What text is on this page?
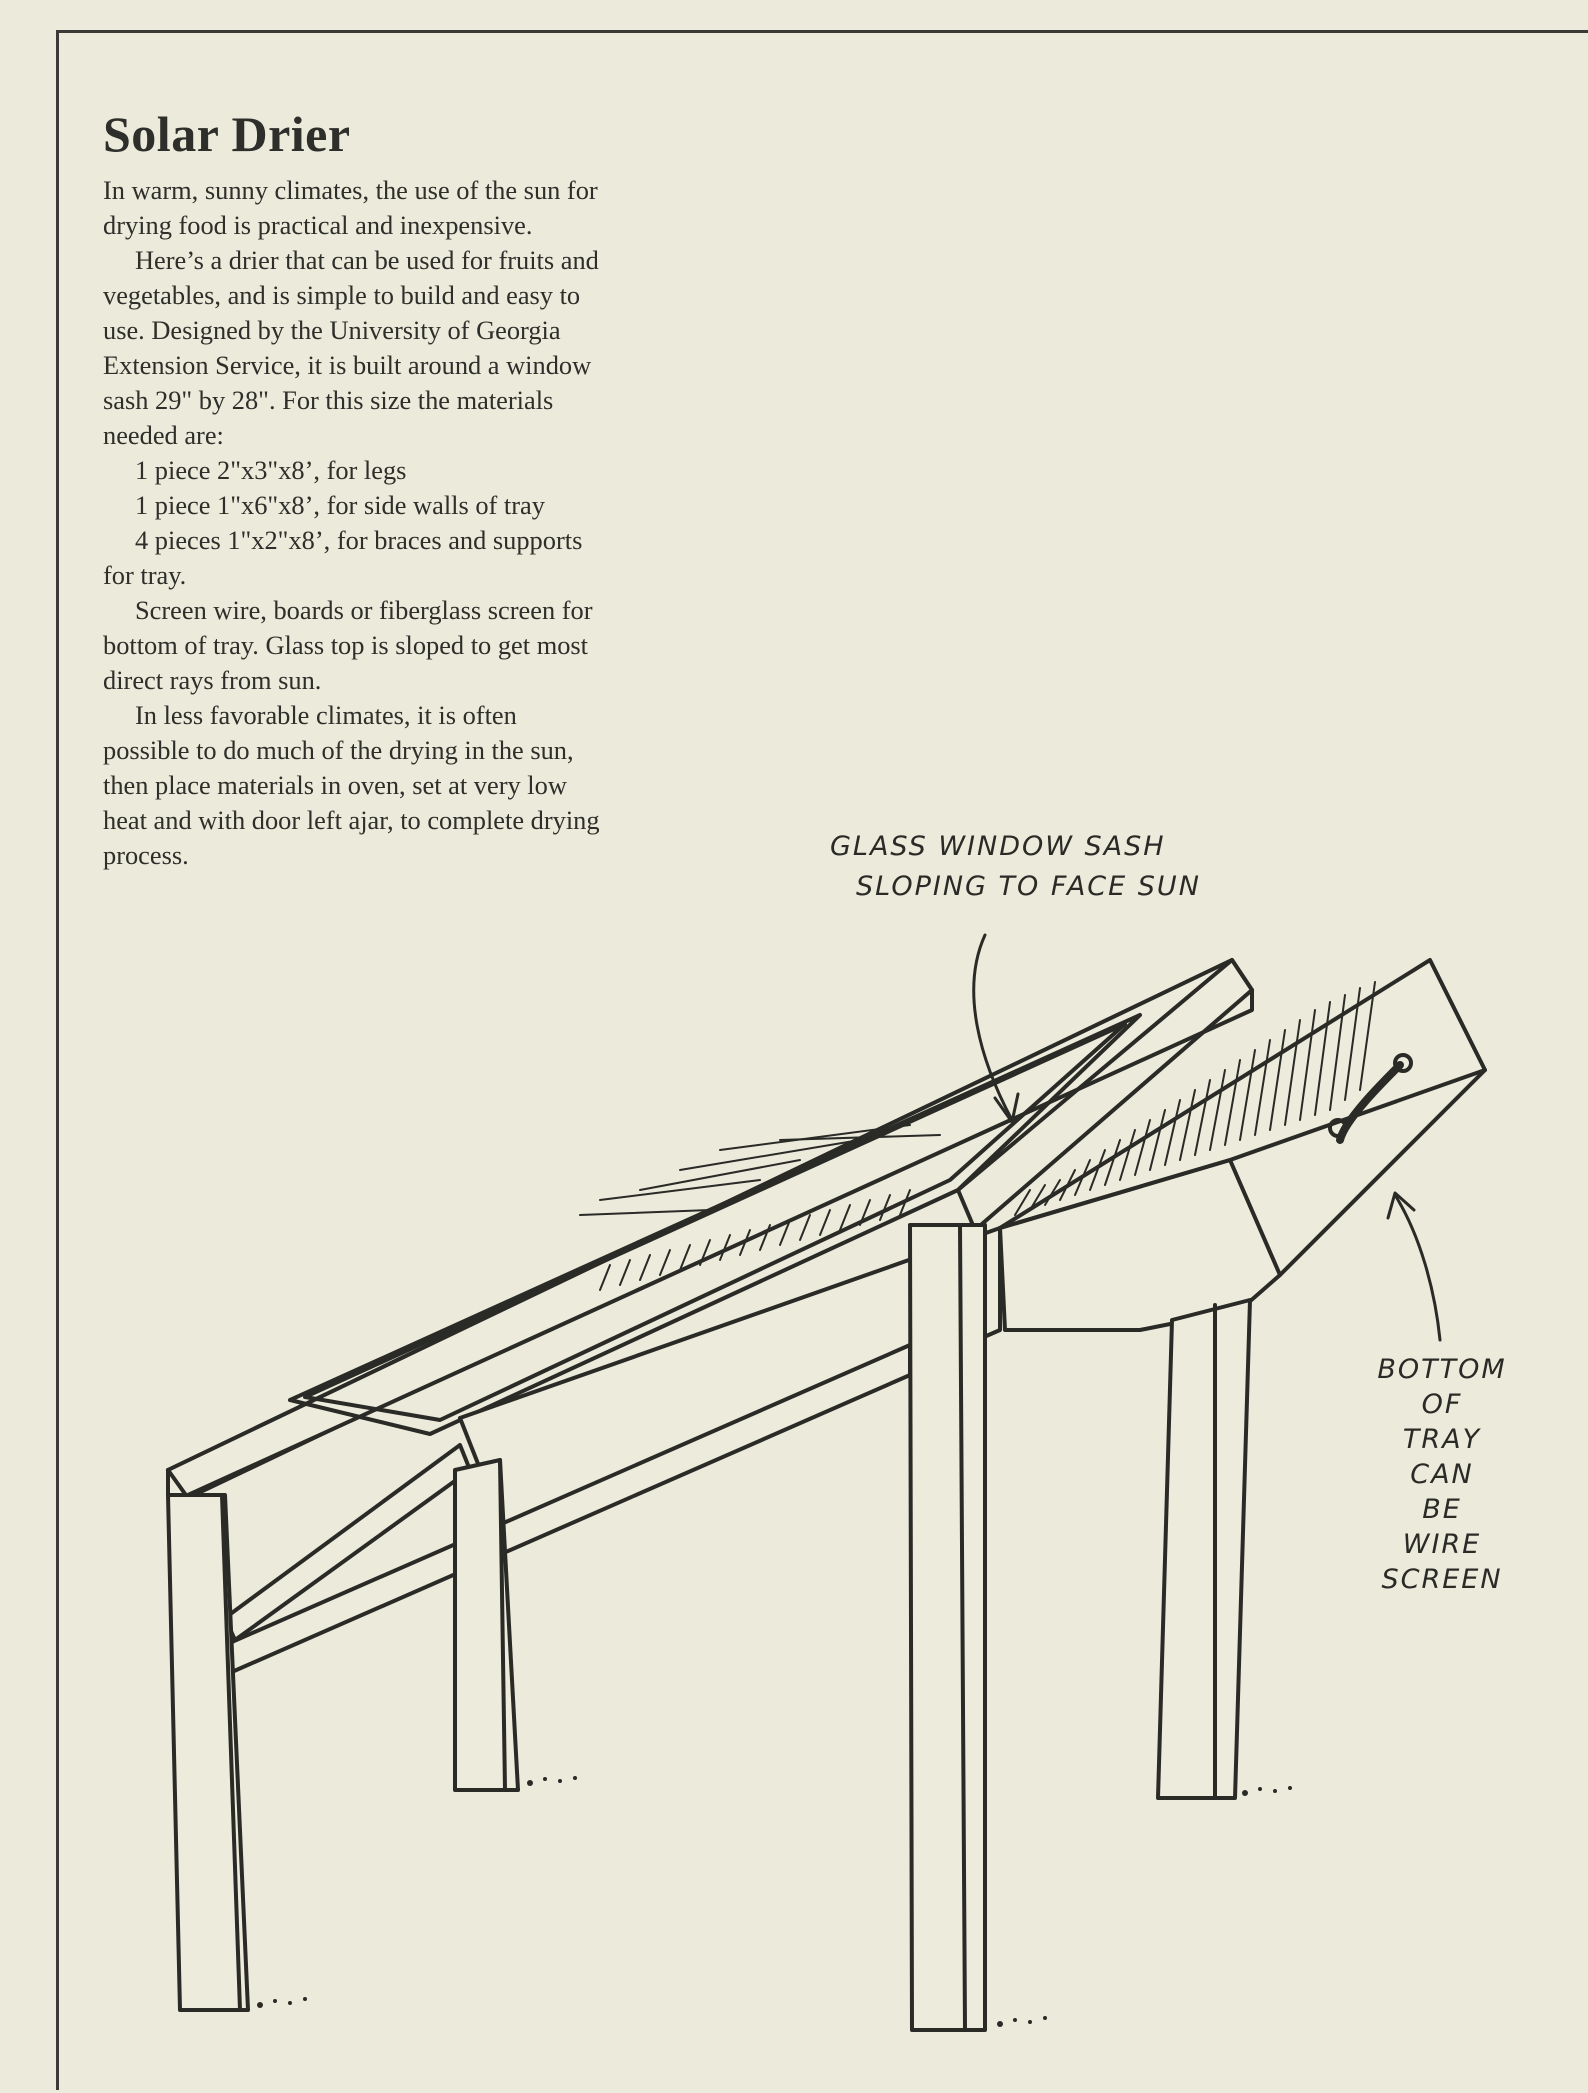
Solar Drier

In warm, sunny climates, the use of the sun for drying food is practical and inexpensive.

Here’s a drier that can be used for fruits and vegetables, and is simple to build and easy to use. Designed by the University of Georgia Extension Service, it is built around a window sash 29" by 28". For this size the materials needed are:

1 piece 2"x3"x8’, for legs

1 piece 1"x6"x8’, for side walls of tray

4 pieces 1"x2"x8’, for braces and supports for tray.

Screen wire, boards or fiberglass screen for bottom of tray. Glass top is sloped to get most direct rays from sun.

In less favorable climates, it is often possible to do much of the drying in the sun, then place materials in oven, set at very low heat and with door left ajar, to complete drying process.	GLASS WINDOW SASH
SLOPING TO FACE SUN
BOTTOM
OF
TRAY
CAN
BE
WIRE
SCREEN
